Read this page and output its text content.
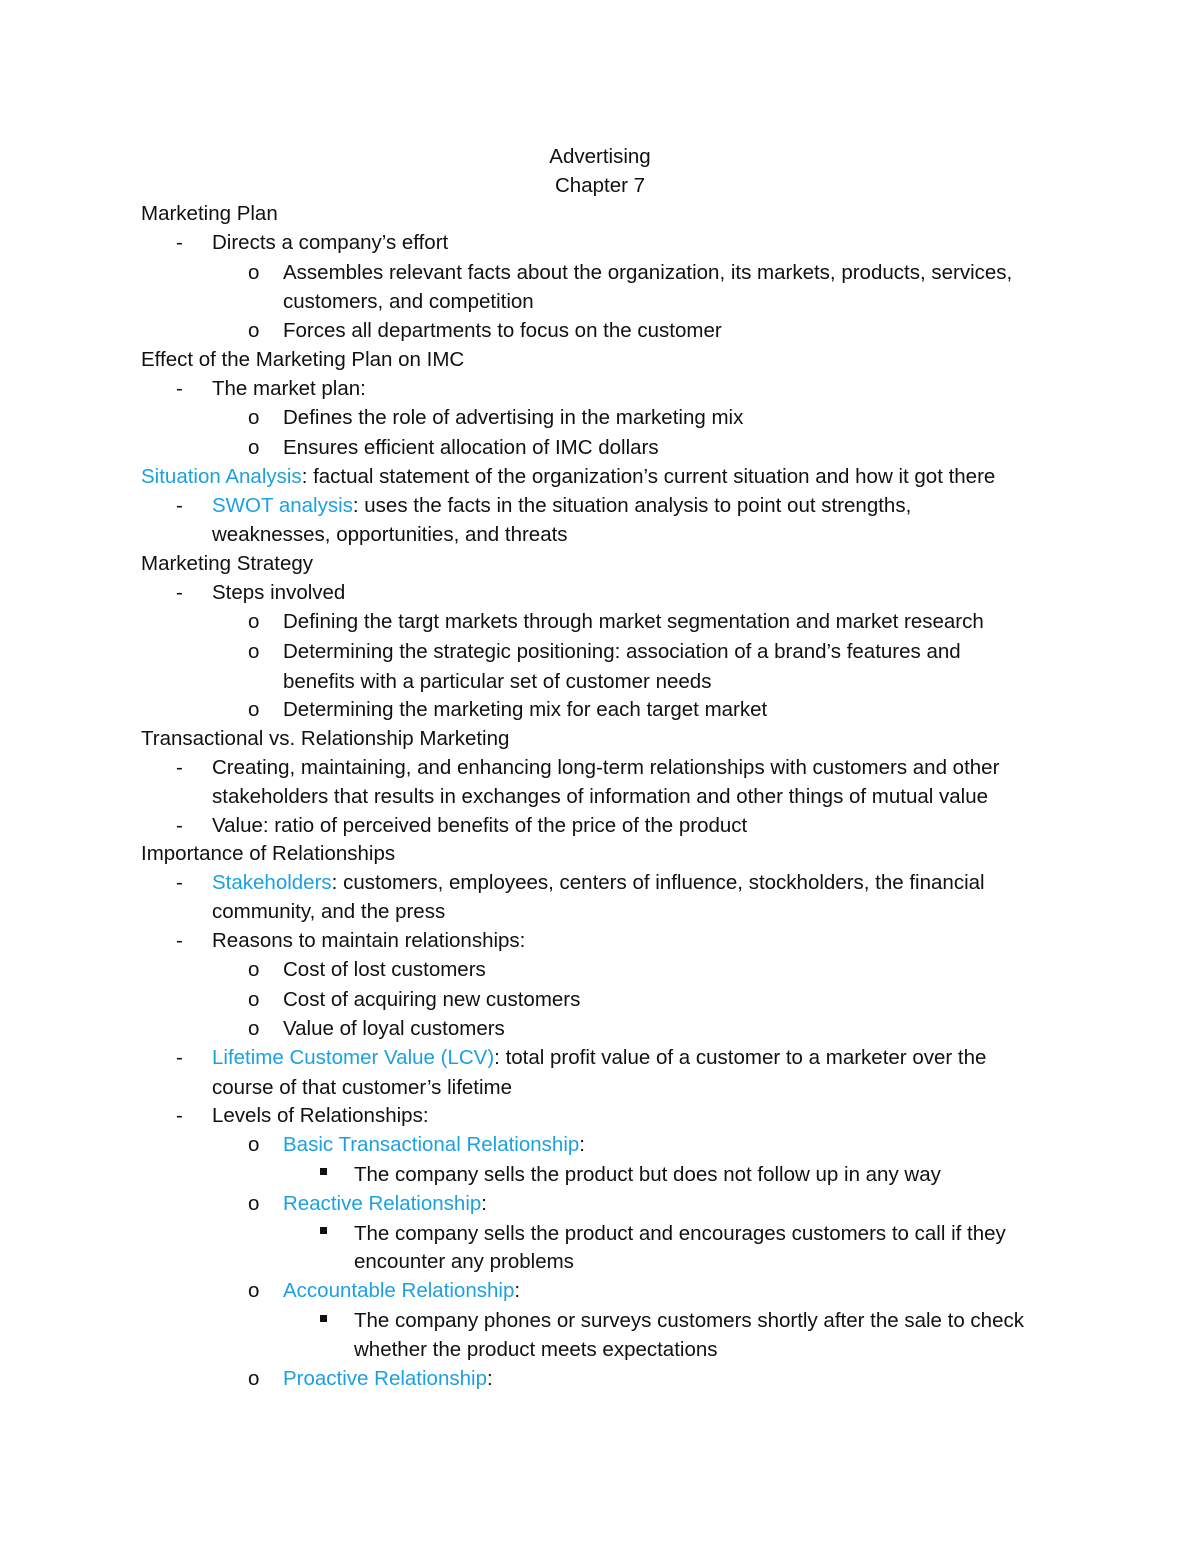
Advertising
Chapter 7
Marketing Plan
- Directs a company’s effort
o Assembles relevant facts about the organization, its markets, products, services,
customers, and competition
o Forces all departments to focus on the customer
Effect of the Marketing Plan on IMC
- The market plan:
o Defines the role of advertising in the marketing mix
o Ensures efficient allocation of IMC dollars
Situation Analysis: factual statement of the organization’s current situation and how it got there
- SWOT analysis: uses the facts in the situation analysis to point out strengths,
weaknesses, opportunities, and threats
Marketing Strategy
- Steps involved
o Defining the targt markets through market segmentation and market research
o Determining the strategic positioning: association of a brand’s features and
benefits with a particular set of customer needs
o Determining the marketing mix for each target market
Transactional vs. Relationship Marketing
- Creating, maintaining, and enhancing long-term relationships with customers and other
stakeholders that results in exchanges of information and other things of mutual value
- Value: ratio of perceived benefits of the price of the product
Importance of Relationships
- Stakeholders: customers, employees, centers of influence, stockholders, the financial
community, and the press
- Reasons to maintain relationships:
o Cost of lost customers
o Cost of acquiring new customers
o Value of loyal customers
- Lifetime Customer Value (LCV): total profit value of a customer to a marketer over the
course of that customer’s lifetime
- Levels of Relationships:
o Basic Transactional Relationship:
The company sells the product but does not follow up in any way
o Reactive Relationship:
The company sells the product and encourages customers to call if they
encounter any problems
o Accountable Relationship:
The company phones or surveys customers shortly after the sale to check
whether the product meets expectations
o Proactive Relationship:
